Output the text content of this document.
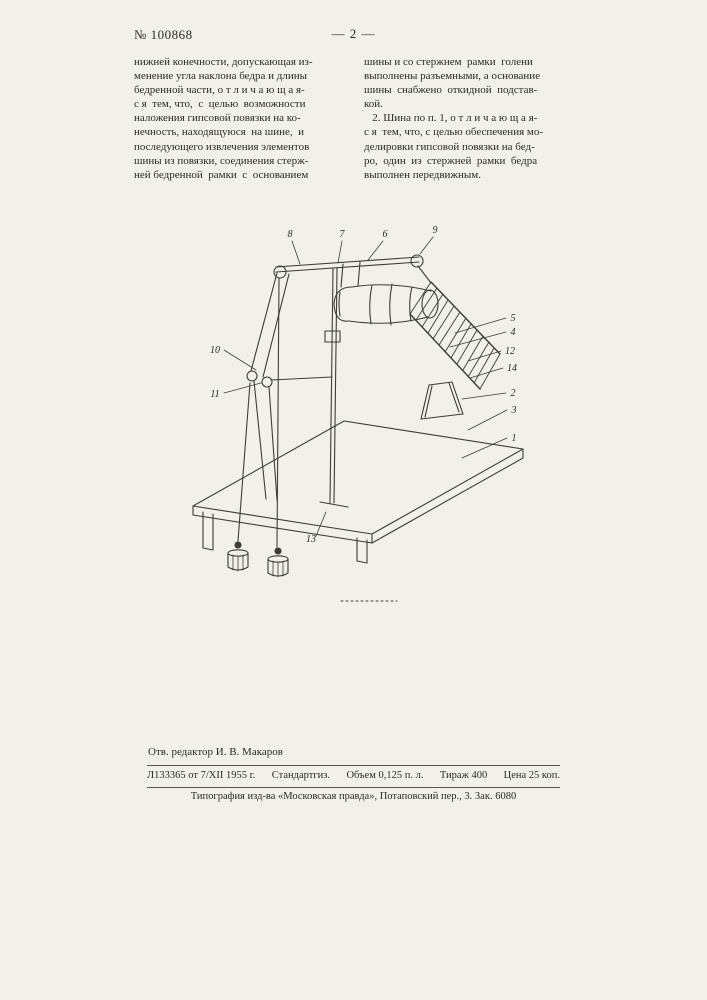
№ 100868	— 2 —
нижней конечности, допускающая из-
менение угла наклона бедра и длины
бедренной части, о т л и ч а ю щ а я-
с я  тем, что,  с  целью  возможности
наложения гипсовой повязки на ко-
нечность, находящуюся  на шине,  и
последующего извлечения элементов
шины из повязки, соединения стерж-
ней бедренной  рамки  с  основанием
шины и со стержнем  рамки  голени
выполнены разъемными, а основание
шины  снабжено  откидной  подстав-
кой.
2. Шина по п. 1, о т л и ч а ю щ а я-
с я  тем, что, с целью обеспечения мо-
делировки гипсовой повязки на бед-
ро,  один  из  стержней  рамки  бедра
выполнен передвижным.
8	7	6	9
5
4
12
14
2
3
1
10
11
13
Отв. редактор И. В. Макаров
Л133365 от 7/XII 1955 г. Стандартгиз. Объем 0,125 п. л. Тираж 400 Цена 25 коп.
Типография изд-ва «Московская правда», Потаповский пер., 3. Зак. 6080
